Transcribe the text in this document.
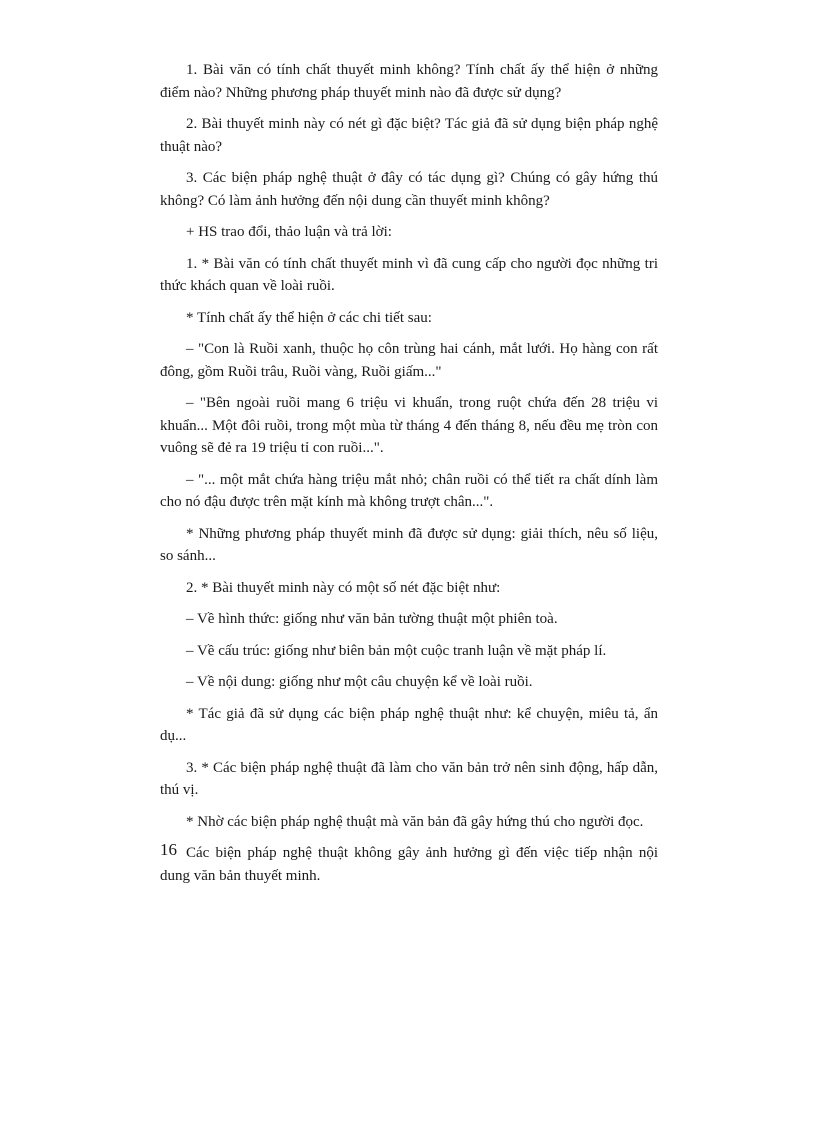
1. Bài văn có tính chất thuyết minh không? Tính chất ấy thể hiện ở những điểm nào? Những phương pháp thuyết minh nào đã được sử dụng?

2. Bài thuyết minh này có nét gì đặc biệt? Tác giả đã sử dụng biện pháp nghệ thuật nào?

3. Các biện pháp nghệ thuật ở đây có tác dụng gì? Chúng có gây hứng thú không? Có làm ảnh hưởng đến nội dung cần thuyết minh không?

+ HS trao đổi, thảo luận và trả lời:

1. * Bài văn có tính chất thuyết minh vì đã cung cấp cho người đọc những tri thức khách quan về loài ruồi.

* Tính chất ấy thể hiện ở các chi tiết sau:

– "Con là Ruồi xanh, thuộc họ côn trùng hai cánh, mắt lưới. Họ hàng con rất đông, gồm Ruồi trâu, Ruồi vàng, Ruồi giấm..."

– "Bên ngoài ruồi mang 6 triệu vi khuẩn, trong ruột chứa đến 28 triệu vi khuẩn... Một đôi ruồi, trong một mùa từ tháng 4 đến tháng 8, nếu đều mẹ tròn con vuông sẽ đẻ ra 19 triệu tỉ con ruồi...".

– "... một mắt chứa hàng triệu mắt nhỏ; chân ruồi có thể tiết ra chất dính làm cho nó đậu được trên mặt kính mà không trượt chân...".

* Những phương pháp thuyết minh đã được sử dụng: giải thích, nêu số liệu, so sánh...

2. * Bài thuyết minh này có một số nét đặc biệt như:

– Về hình thức: giống như văn bản tường thuật một phiên toà.

– Về cấu trúc: giống như biên bản một cuộc tranh luận về mặt pháp lí.

– Về nội dung: giống như một câu chuyện kể về loài ruồi.

* Tác giả đã sử dụng các biện pháp nghệ thuật như: kể chuyện, miêu tả, ẩn dụ...

3. * Các biện pháp nghệ thuật đã làm cho văn bản trở nên sinh động, hấp dẫn, thú vị.

* Nhờ các biện pháp nghệ thuật mà văn bản đã gây hứng thú cho người đọc.

Các biện pháp nghệ thuật không gây ảnh hưởng gì đến việc tiếp nhận nội dung văn bản thuyết minh.

16
